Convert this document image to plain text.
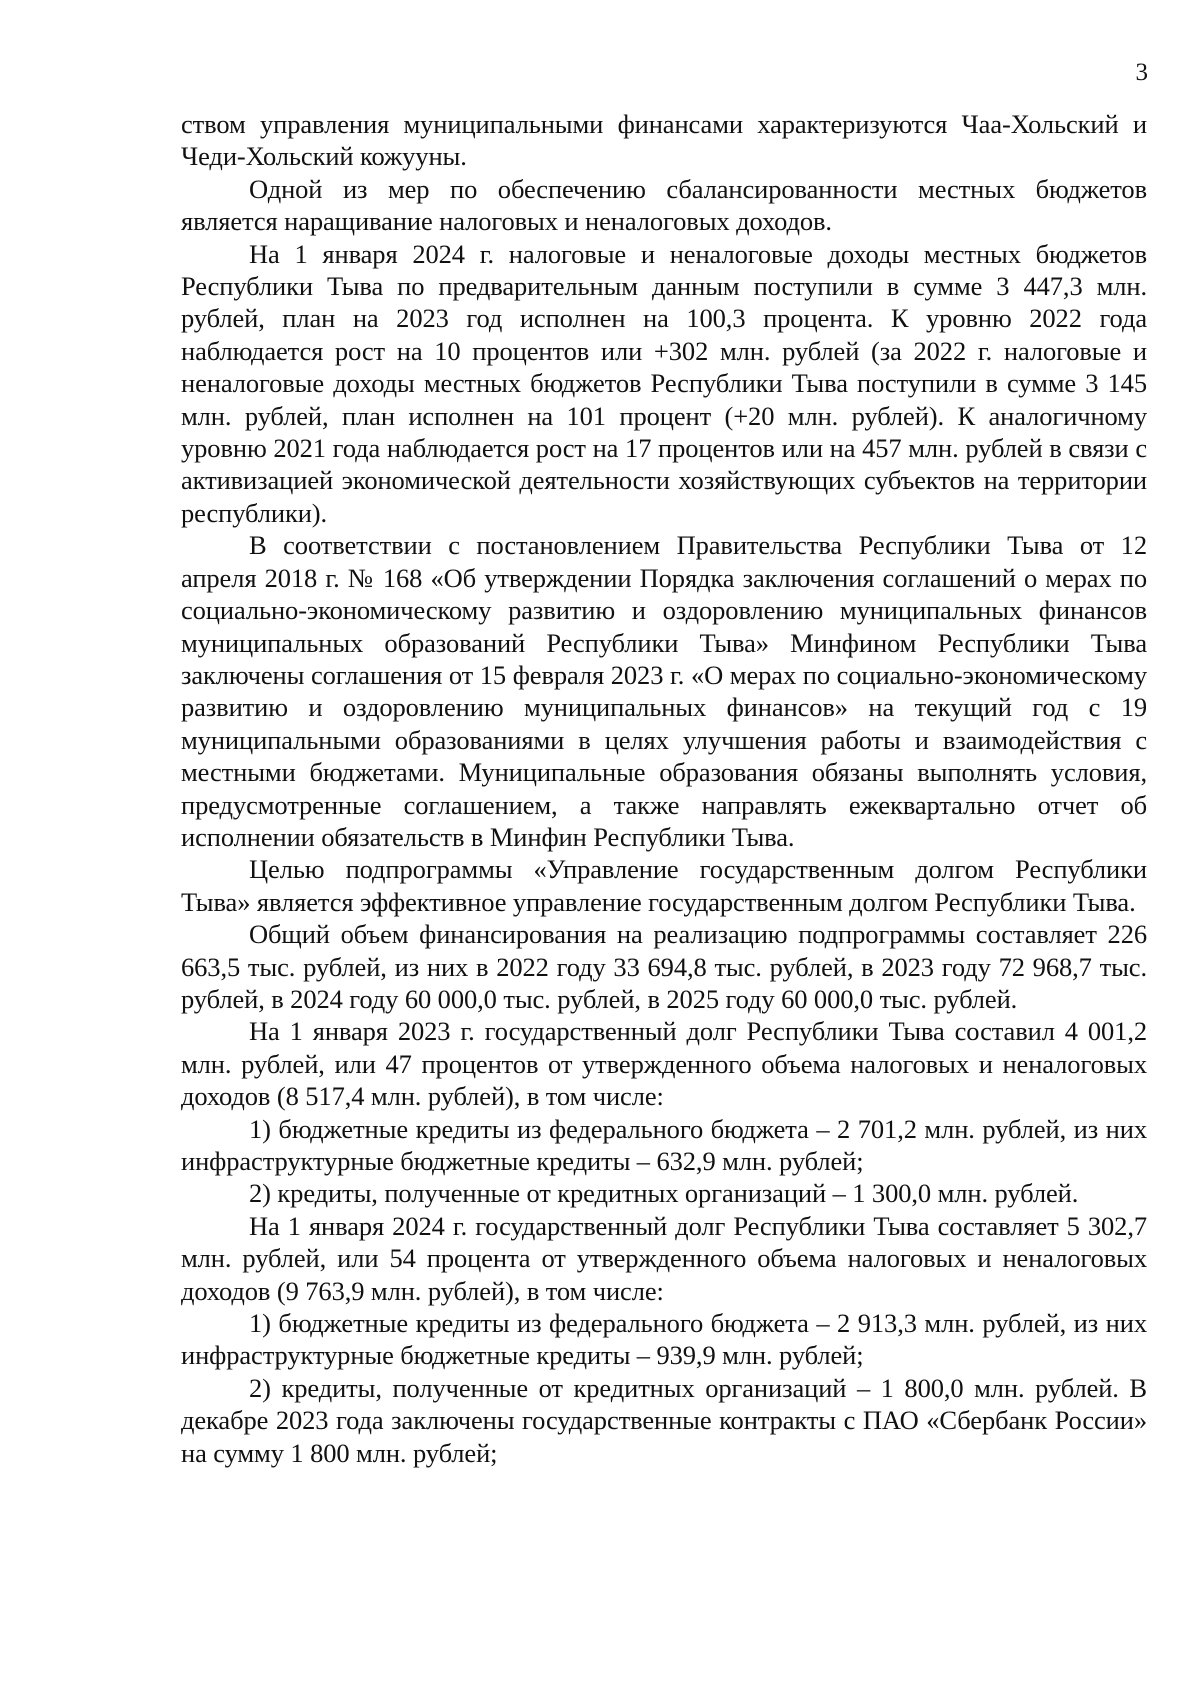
3

ством управления муниципальными финансами характеризуются Чаа-Хольский и Чеди-Хольский кожууны.

Одной из мер по обеспечению сбалансированности местных бюджетов является наращивание налоговых и неналоговых доходов.

На 1 января 2024 г. налоговые и неналоговые доходы местных бюджетов Республики Тыва по предварительным данным поступили в сумме 3 447,3 млн. рублей, план на 2023 год исполнен на 100,3 процента. К уровню 2022 года наблюдается рост на 10 процентов или +302 млн. рублей (за 2022 г. налоговые и неналоговые доходы местных бюджетов Республики Тыва поступили в сумме 3 145 млн. рублей, план исполнен на 101 процент (+20 млн. рублей). К аналогичному уровню 2021 года наблюдается рост на 17 процентов или на 457 млн. рублей в связи с активизацией экономической деятельности хозяйствующих субъектов на территории республики).

В соответствии с постановлением Правительства Республики Тыва от 12 апреля 2018 г. № 168 «Об утверждении Порядка заключения соглашений о мерах по социально-экономическому развитию и оздоровлению муниципальных финансов муниципальных образований Республики Тыва» Минфином Республики Тыва заключены соглашения от 15 февраля 2023 г. «О мерах по социально-экономическому развитию и оздоровлению муниципальных финансов» на текущий год с 19 муниципальными образованиями в целях улучшения работы и взаимодействия с местными бюджетами. Муниципальные образования обязаны выполнять условия, предусмотренные соглашением, а также направлять ежеквартально отчет об исполнении обязательств в Минфин Республики Тыва.

Целью подпрограммы «Управление государственным долгом Республики Тыва» является эффективное управление государственным долгом Республики Тыва.

Общий объем финансирования на реализацию подпрограммы составляет 226 663,5 тыс. рублей, из них в 2022 году 33 694,8 тыс. рублей, в 2023 году 72 968,7 тыс. рублей, в 2024 году 60 000,0 тыс. рублей, в 2025 году 60 000,0 тыс. рублей.

На 1 января 2023 г. государственный долг Республики Тыва составил 4 001,2 млн. рублей, или 47 процентов от утвержденного объема налоговых и неналоговых доходов (8 517,4 млн. рублей), в том числе:

1) бюджетные кредиты из федерального бюджета – 2 701,2 млн. рублей, из них инфраструктурные бюджетные кредиты – 632,9 млн. рублей;

2) кредиты, полученные от кредитных организаций – 1 300,0 млн. рублей.

На 1 января 2024 г. государственный долг Республики Тыва составляет 5 302,7 млн. рублей, или 54 процента от утвержденного объема налоговых и неналоговых доходов (9 763,9 млн. рублей), в том числе:

1) бюджетные кредиты из федерального бюджета – 2 913,3 млн. рублей, из них инфраструктурные бюджетные кредиты – 939,9 млн. рублей;

2) кредиты, полученные от кредитных организаций – 1 800,0 млн. рублей. В декабре 2023 года заключены государственные контракты с ПАО «Сбербанк России» на сумму 1 800 млн. рублей;
